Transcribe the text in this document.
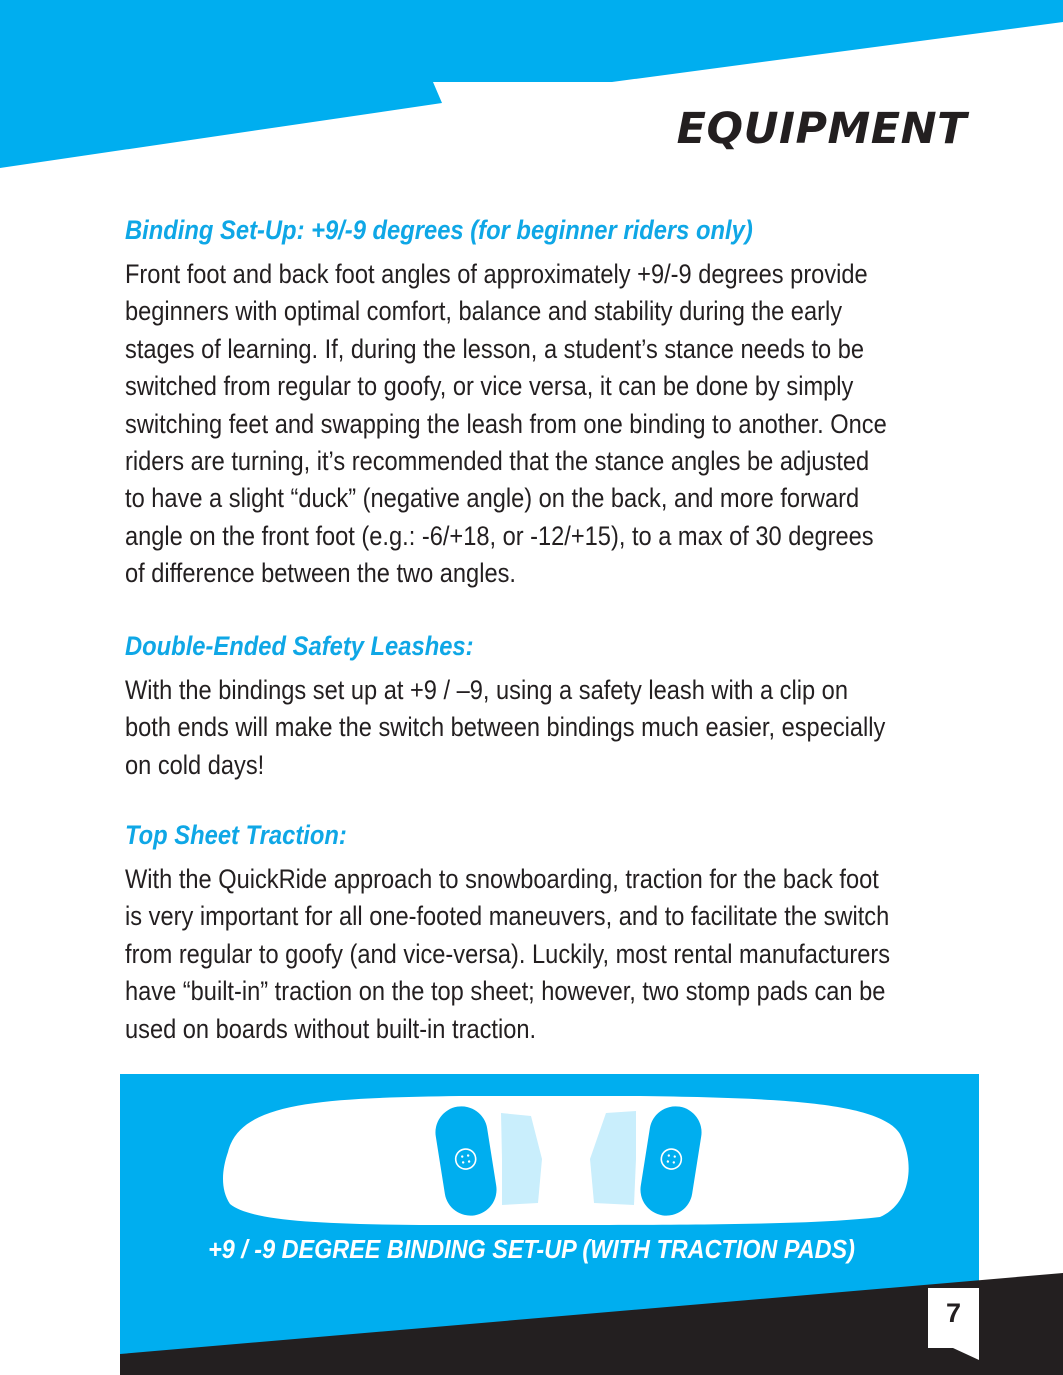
EQUIPMENT
Binding Set-Up: +9/-9 degrees (for beginner riders only)

Front foot and back foot angles of approximately +9/-9 degrees provide
beginners with optimal comfort, balance and stability during the early
stages of learning. If, during the lesson, a student’s stance needs to be
switched from regular to goofy, or vice versa, it can be done by simply
switching feet and swapping the leash from one binding to another. Once
riders are turning, it’s recommended that the stance angles be adjusted
to have a slight “duck” (negative angle) on the back, and more forward
angle on the front foot (e.g.: -6/+18, or -12/+15), to a max of 30 degrees
of difference between the two angles.

Double-Ended Safety Leashes:

With the bindings set up at +9 / –9, using a safety leash with a clip on
both ends will make the switch between bindings much easier, especially
on cold days!

Top Sheet Traction:

With the QuickRide approach to snowboarding, traction for the back foot
is very important for all one-footed maneuvers, and to facilitate the switch
from regular to goofy (and vice-versa). Luckily, most rental manufacturers
have “built-in” traction on the top sheet; however, two stomp pads can be
used on boards without built-in traction.

+9 / -9 DEGREE BINDING SET-UP (WITH TRACTION PADS)

7
